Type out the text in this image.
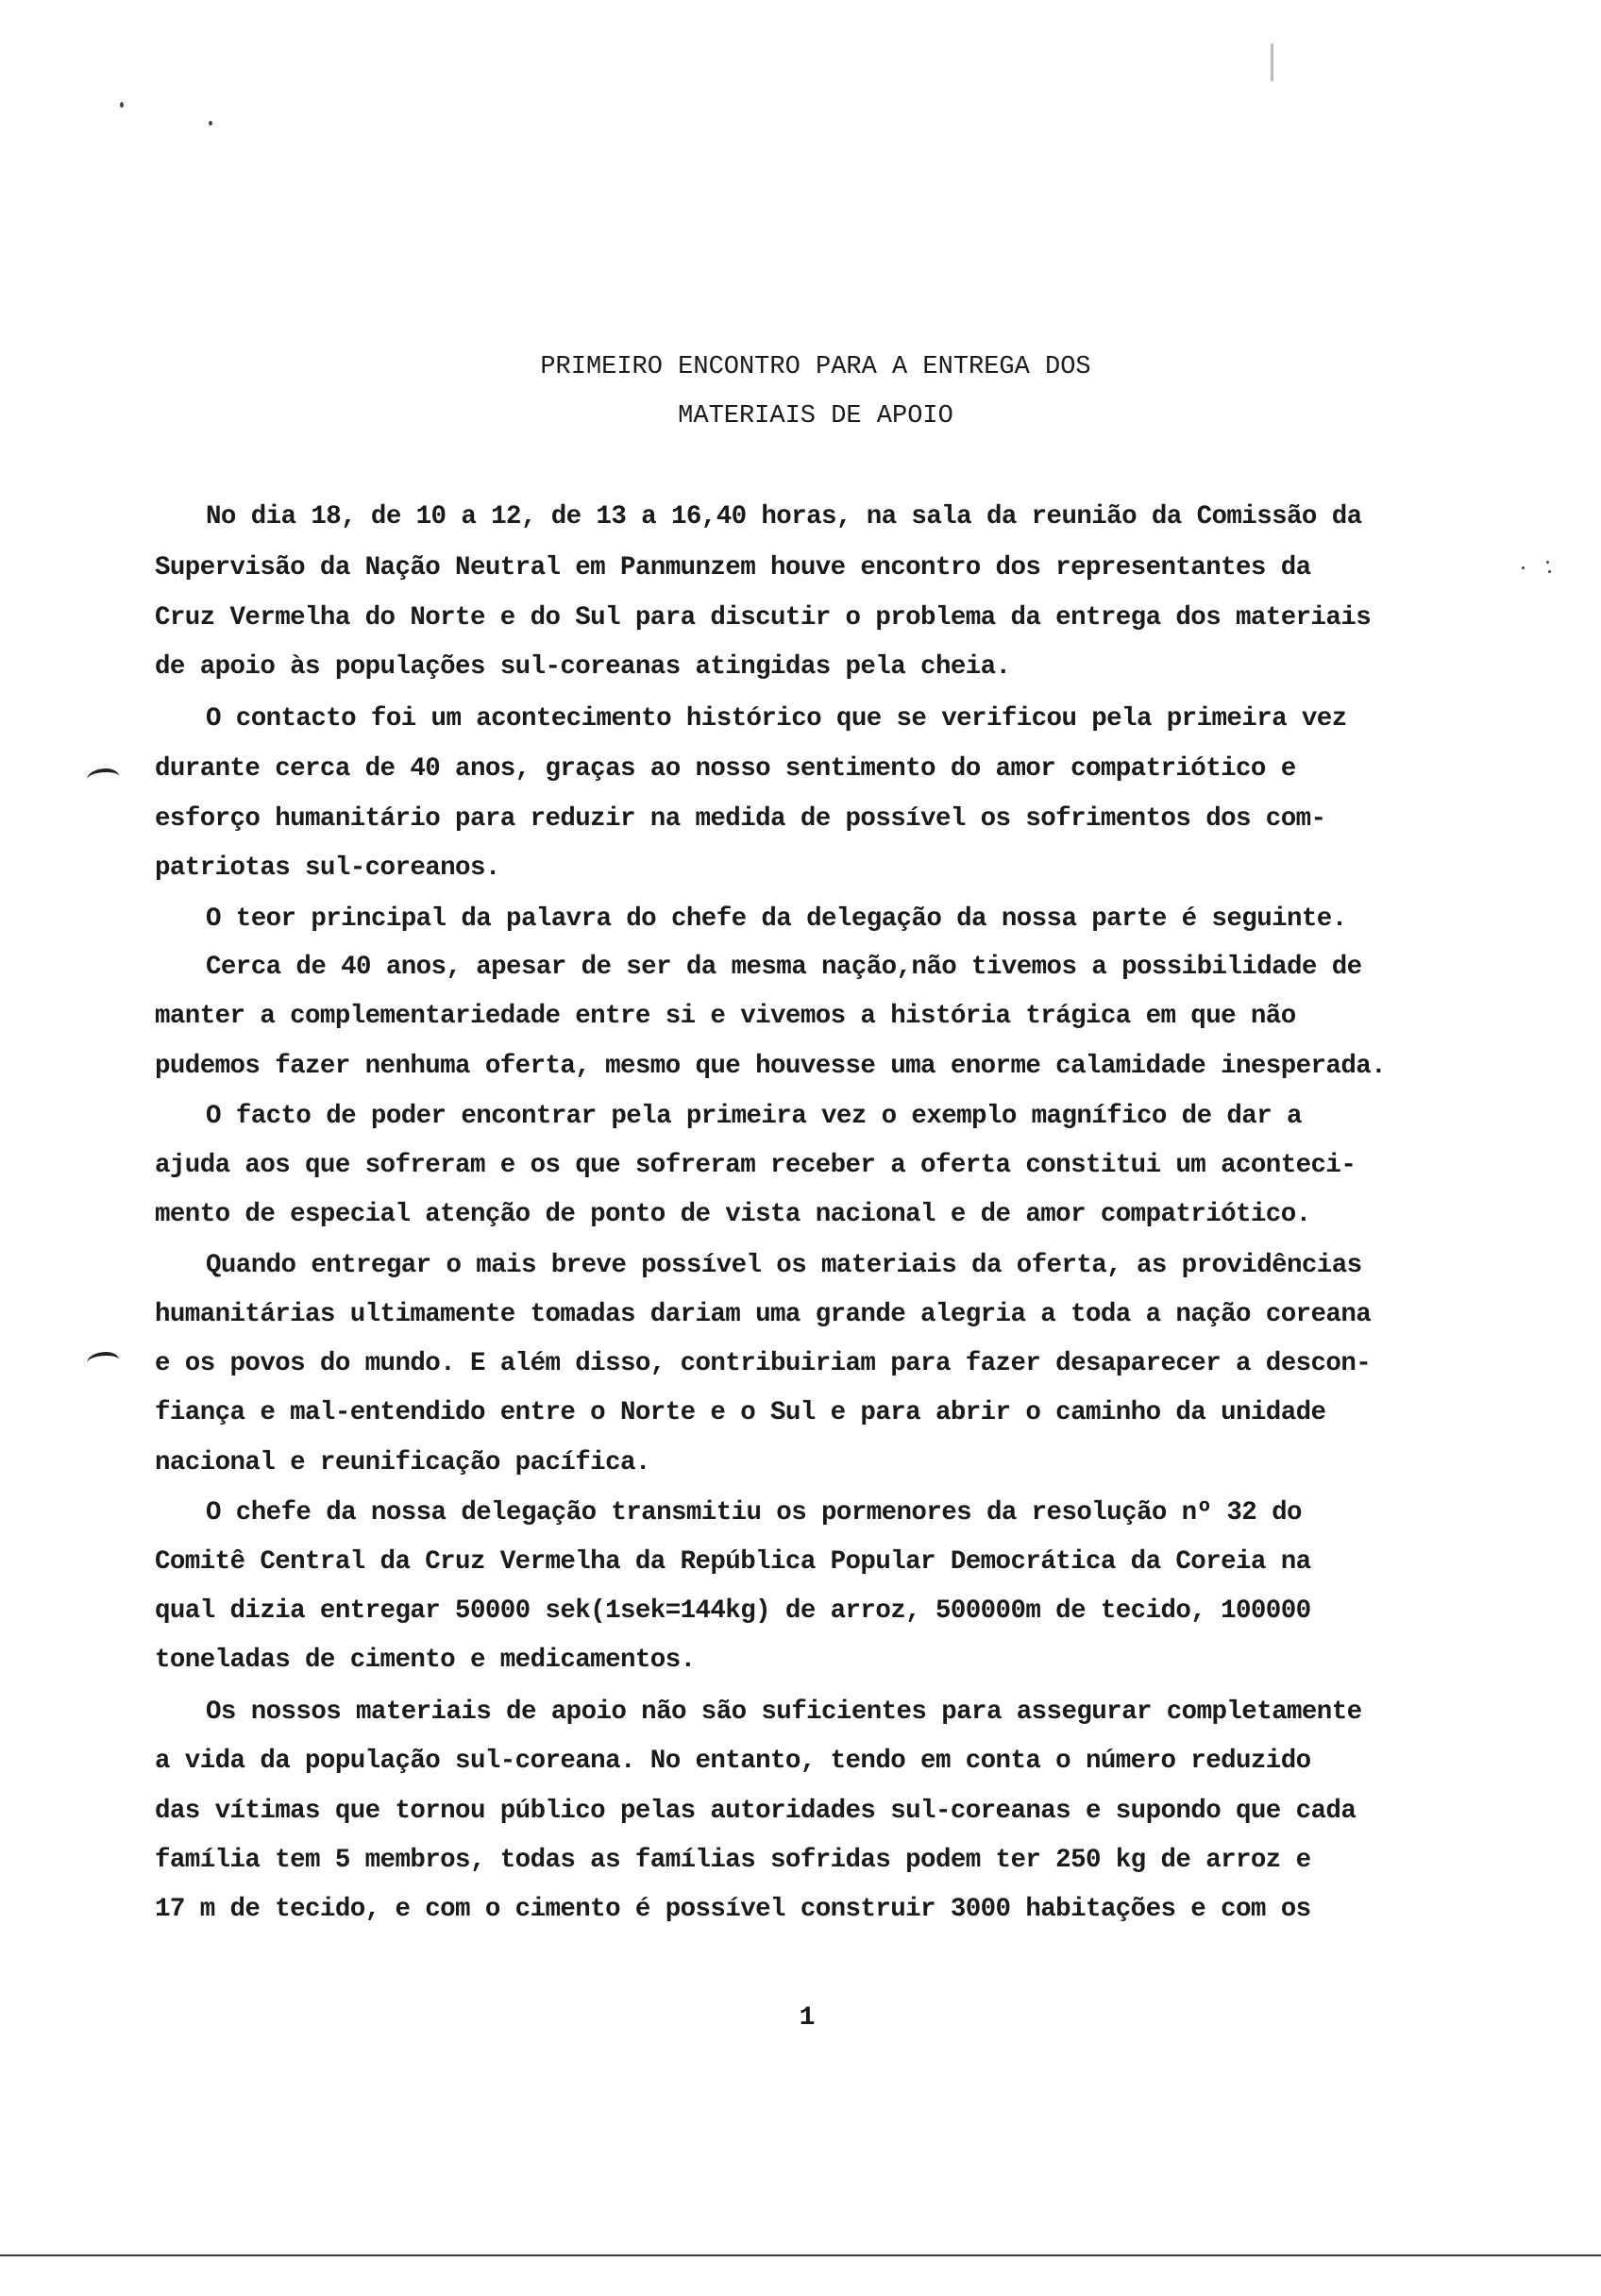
PRIMEIRO ENCONTRO PARA A ENTREGA DOS
MATERIAIS DE APOIO
No dia 18, de 10 a 12, de 13 a 16,40 horas, na sala da reunião da Comissão da
Supervisão da Nação Neutral em Panmunzem houve encontro dos representantes da
Cruz Vermelha do Norte e do Sul para discutir o problema da entrega dos materiais
de apoio às populações sul-coreanas atingidas pela cheia.
O contacto foi um acontecimento histórico que se verificou pela primeira vez
durante cerca de 40 anos, graças ao nosso sentimento do amor compatriótico e
esforço humanitário para reduzir na medida de possível os sofrimentos dos com-
patriotas sul-coreanos.
O teor principal da palavra do chefe da delegação da nossa parte é seguinte.
Cerca de 40 anos, apesar de ser da mesma nação,não tivemos a possibilidade de
manter a complementariedade entre si e vivemos a história trágica em que não
pudemos fazer nenhuma oferta, mesmo que houvesse uma enorme calamidade inesperada.
O facto de poder encontrar pela primeira vez o exemplo magnífico de dar a
ajuda aos que sofreram e os que sofreram receber a oferta constitui um aconteci-
mento de especial atenção de ponto de vista nacional e de amor compatriótico.
Quando entregar o mais breve possível os materiais da oferta, as providências
humanitárias ultimamente tomadas dariam uma grande alegria a toda a nação coreana
e os povos do mundo. E além disso, contribuiriam para fazer desaparecer a descon-
fiança e mal-entendido entre o Norte e o Sul e para abrir o caminho da unidade
nacional e reunificação pacífica.
O chefe da nossa delegação transmitiu os pormenores da resolução nº 32 do
Comitê Central da Cruz Vermelha da República Popular Democrática da Coreia na
qual dizia entregar 50000 sek(1sek=144kg) de arroz, 500000m de tecido, 100000
toneladas de cimento e medicamentos.
Os nossos materiais de apoio não são suficientes para assegurar completamente
a vida da população sul-coreana. No entanto, tendo em conta o número reduzido
das vítimas que tornou público pelas autoridades sul-coreanas e supondo que cada
família tem 5 membros, todas as famílias sofridas podem ter 250 kg de arroz e
17 m de tecido, e com o cimento é possível construir 3000 habitações e com os
1
